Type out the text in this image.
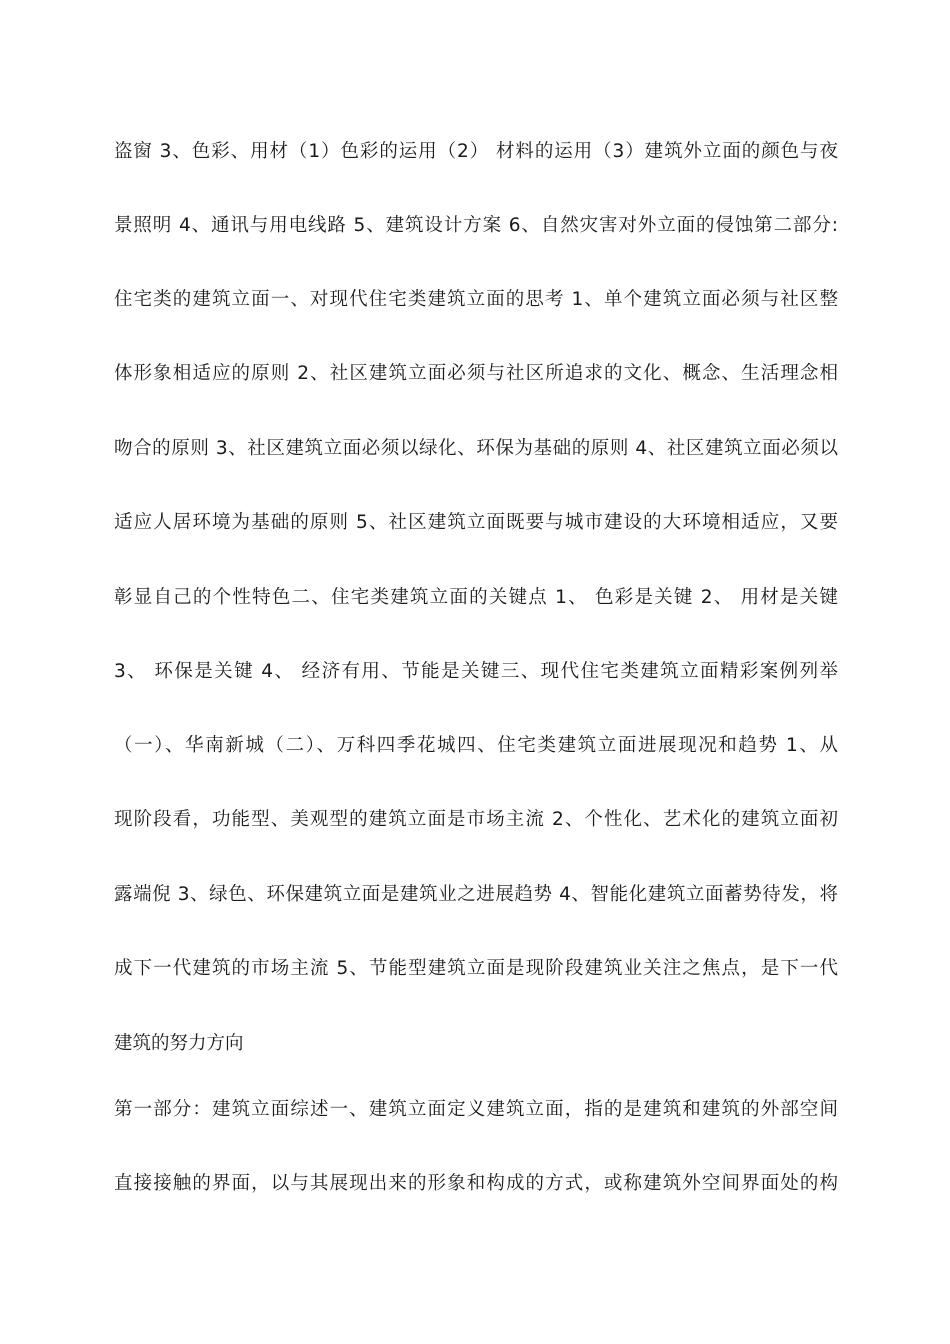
盗窗 3、色彩、用材（1）色彩的运用（2） 材料的运用（3）建筑外立面的颜色与夜
景照明 4、通讯与用电线路 5、建筑设计方案 6、自然灾害对外立面的侵蚀第二部分:
住宅类的建筑立面一、对现代住宅类建筑立面的思考 1、单个建筑立面必须与社区整
体形象相适应的原则 2、社区建筑立面必须与社区所追求的文化、概念、生活理念相
吻合的原则 3、社区建筑立面必须以绿化、环保为基础的原则 4、社区建筑立面必须以
适应人居环境为基础的原则 5、社区建筑立面既要与城市建设的大环境相适应，又要
彰显自己的个性特色二、住宅类建筑立面的关键点 1、 色彩是关键 2、 用材是关键
3、 环保是关键 4、 经济有用、节能是关键三、现代住宅类建筑立面精彩案例列举
（一）、华南新城（二）、万科四季花城四、住宅类建筑立面进展现况和趋势 1、从
现阶段看，功能型、美观型的建筑立面是市场主流 2、个性化、艺术化的建筑立面初
露端倪 3、绿色、环保建筑立面是建筑业之进展趋势 4、智能化建筑立面蓄势待发，将
成下一代建筑的市场主流 5、节能型建筑立面是现阶段建筑业关注之焦点，是下一代
建筑的努力方向
第一部分：建筑立面综述一、建筑立面定义建筑立面，指的是建筑和建筑的外部空间
直接接触的界面，以与其展现出来的形象和构成的方式，或称建筑外空间界面处的构
